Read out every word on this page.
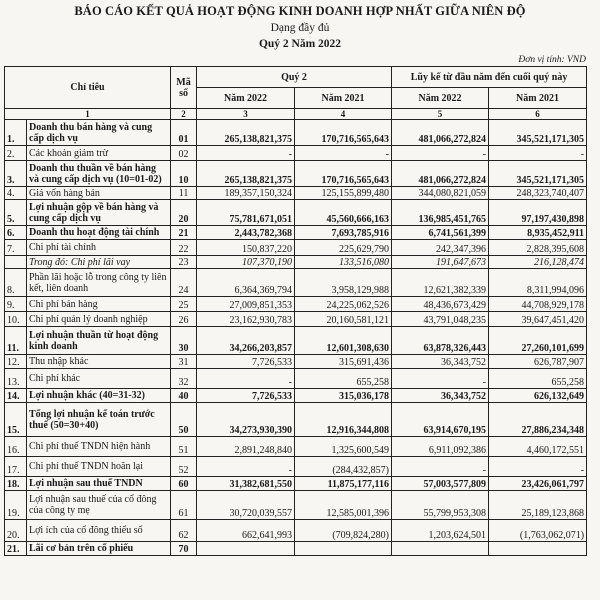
BÁO CÁO KẾT QUẢ HOẠT ĐỘNG KINH DOANH HỢP NHẤT GIỮA NIÊN ĐỘ
Dạng đầy đủ
Quý 2 Năm 2022
Đơn vị tính: VND
Chỉ tiêu		Mã số	Quý 2		Lũy kế từ đầu năm đến cuối quý này	
			Năm 2022	Năm 2021	Năm 2022	Năm 2021
1		2	3	4	5	6
1.	Doanh thu bán hàng và cung cấp dịch vụ	01	265,138,821,375	170,716,565,643	481,066,272,824	345,521,171,305
2.	Các khoản giảm trừ	02	-	-	-	-
3.	Doanh thu thuần về bán hàng và cung cấp dịch vụ (10=01-02)	10	265,138,821,375	170,716,565,643	481,066,272,824	345,521,171,305
4.	Giá vốn hàng bán	11	189,357,150,324	125,155,899,480	344,080,821,059	248,323,740,407
5.	Lợi nhuận gộp về bán hàng và cung cấp dịch vụ	20	75,781,671,051	45,560,666,163	136,985,451,765	97,197,430,898
6.	Doanh thu hoạt động tài chính	21	2,443,782,368	7,693,785,916	6,741,561,399	8,935,452,911
7.	Chi phí tài chính	22	150,837,220	225,629,790	242,347,396	2,828,395,608
	Trong đó: Chi phí lãi vay	23	107,370,190	133,516,080	191,647,673	216,128,474
8.	Phần lãi hoặc lỗ trong công ty liên kết, liên doanh	24	6,364,369,794	3,958,129,988	12,621,382,339	8,311,994,096
9.	Chi phí bán hàng	25	27,009,851,353	24,225,062,526	48,436,673,429	44,708,929,178
10.	Chi phí quản lý doanh nghiệp	26	23,162,930,783	20,160,581,121	43,791,048,235	39,647,451,420
11.	Lợi nhuận thuần từ hoạt động kinh doanh	30	34,266,203,857	12,601,308,630	63,878,326,443	27,260,101,699
12.	Thu nhập khác	31	7,726,533	315,691,436	36,343,752	626,787,907
13.	Chi phí khác	32	-	655,258	-	655,258
14.	Lợi nhuận khác (40=31-32)	40	7,726,533	315,036,178	36,343,752	626,132,649
15.	Tổng lợi nhuận kế toán trước thuế (50=30+40)	50	34,273,930,390	12,916,344,808	63,914,670,195	27,886,234,348
16.	Chi phí thuế TNDN hiện hành	51	2,891,248,840	1,325,600,549	6,911,092,386	4,460,172,551
17.	Chi phí thuế TNDN hoãn lại	52	-	(284,432,857)	-	-
18.	Lợi nhuận sau thuế TNDN	60	31,382,681,550	11,875,177,116	57,003,577,809	23,426,061,797
19.	Lợi nhuận sau thuế của cổ đông của công ty mẹ	61	30,720,039,557	12,585,001,396	55,799,953,308	25,189,123,868
20.	Lợi ích của cổ đông thiểu số	62	662,641,993	(709,824,280)	1,203,624,501	(1,763,062,071)
21.	Lãi cơ bản trên cổ phiếu	70				
